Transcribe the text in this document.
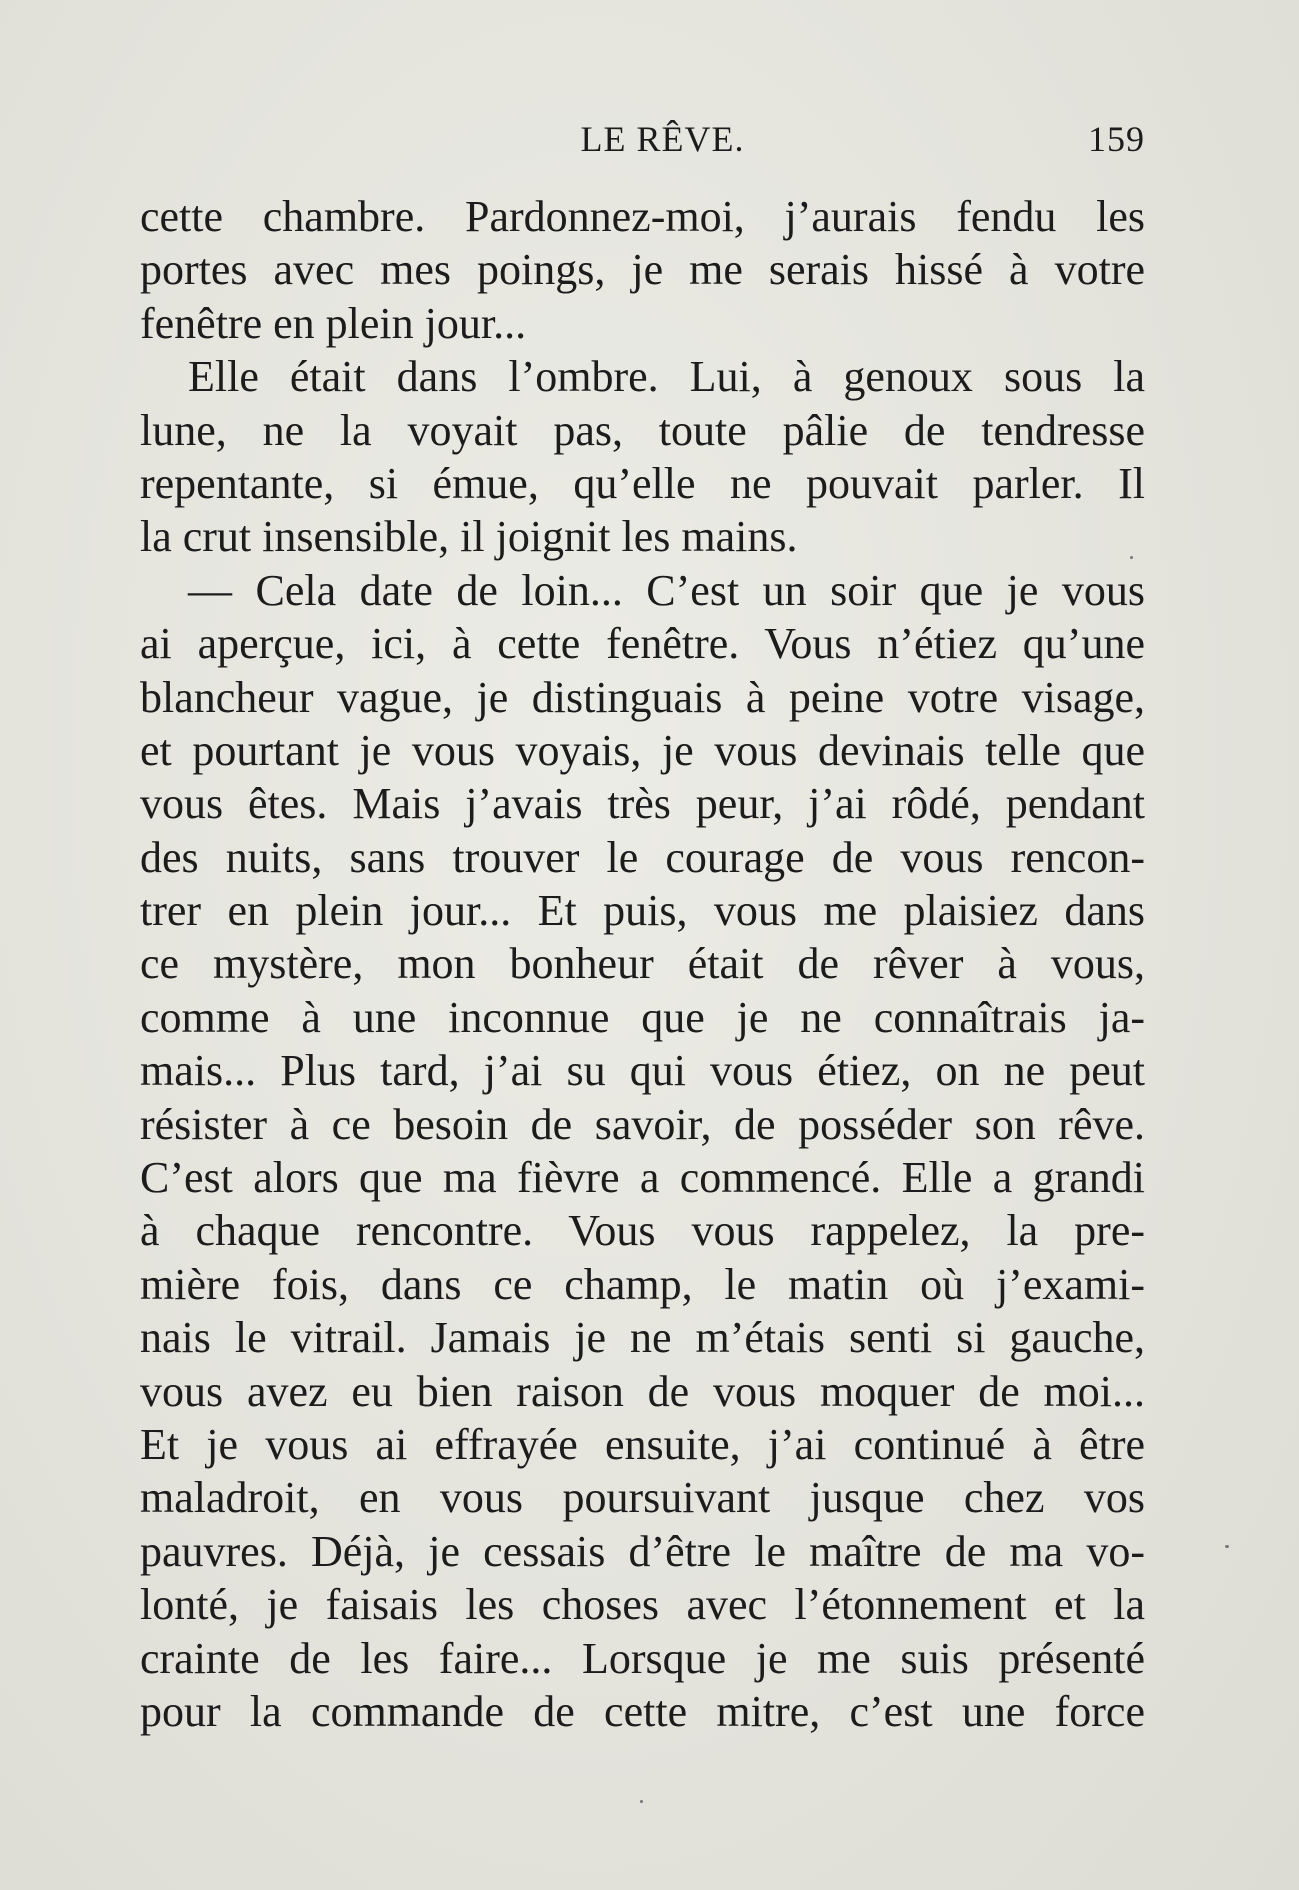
LE RÊVE.	159
cette chambre. Pardonnez-moi, j’aurais fendu les
portes avec mes poings, je me serais hissé à votre
fenêtre en plein jour...
Elle était dans l’ombre. Lui, à genoux sous la
lune, ne la voyait pas, toute pâlie de tendresse
repentante, si émue, qu’elle ne pouvait parler. Il
la crut insensible, il joignit les mains.
— Cela date de loin... C’est un soir que je vous
ai aperçue, ici, à cette fenêtre. Vous n’étiez qu’une
blancheur vague, je distinguais à peine votre visage,
et pourtant je vous voyais, je vous devinais telle que
vous êtes. Mais j’avais très peur, j’ai rôdé, pendant
des nuits, sans trouver le courage de vous rencon-
trer en plein jour... Et puis, vous me plaisiez dans
ce mystère, mon bonheur était de rêver à vous,
comme à une inconnue que je ne connaîtrais ja-
mais... Plus tard, j’ai su qui vous étiez, on ne peut
résister à ce besoin de savoir, de posséder son rêve.
C’est alors que ma fièvre a commencé. Elle a grandi
à chaque rencontre. Vous vous rappelez, la pre-
mière fois, dans ce champ, le matin où j’exami-
nais le vitrail. Jamais je ne m’étais senti si gauche,
vous avez eu bien raison de vous moquer de moi...
Et je vous ai effrayée ensuite, j’ai continué à être
maladroit, en vous poursuivant jusque chez vos
pauvres. Déjà, je cessais d’être le maître de ma vo-
lonté, je faisais les choses avec l’étonnement et la
crainte de les faire... Lorsque je me suis présenté
pour la commande de cette mitre, c’est une force
